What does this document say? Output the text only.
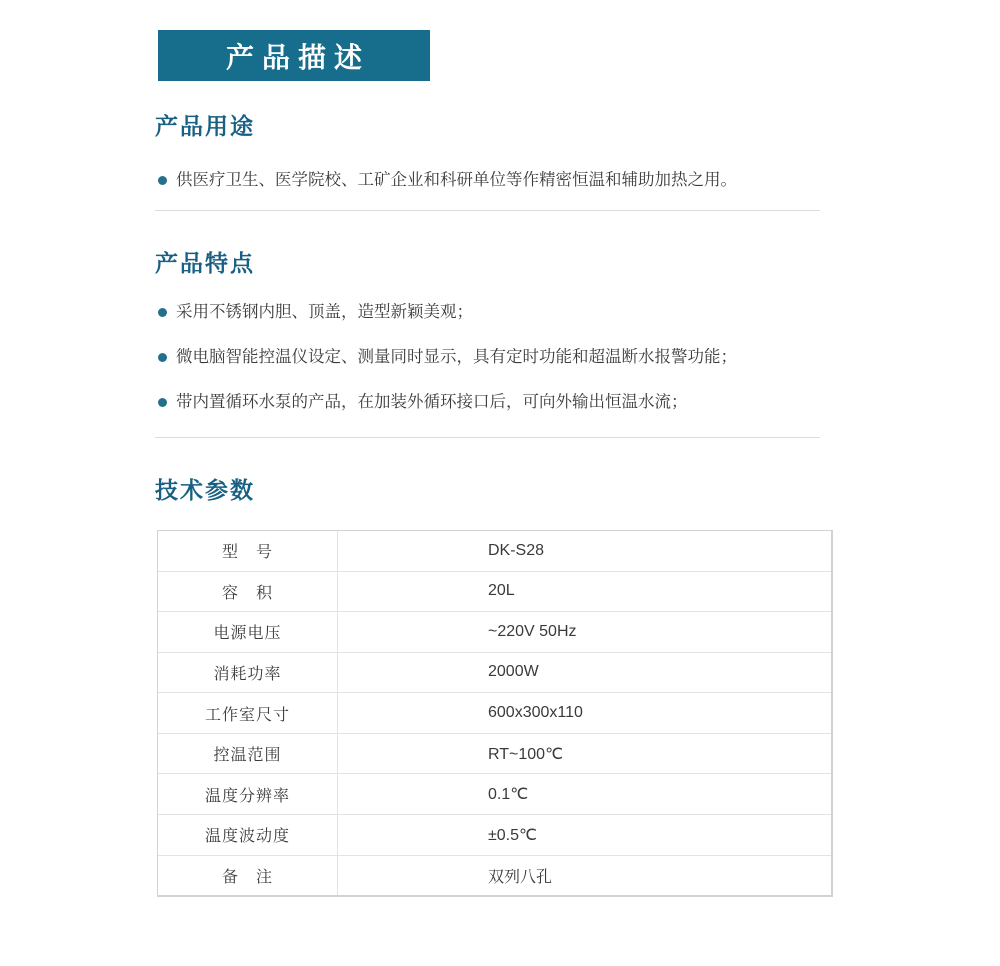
产品描述
产品用途
供医疗卫生、医学院校、工矿企业和科研单位等作精密恒温和辅助加热之用。
产品特点
采用不锈钢内胆、顶盖，造型新颖美观；
微电脑智能控温仪设定、测量同时显示，具有定时功能和超温断水报警功能；
带内置循环水泵的产品，在加装外循环接口后，可向外输出恒温水流；
技术参数
型　号	DK-S28
容　积	20L
电源电压	~220V 50Hz
消耗功率	2000W
工作室尺寸	600x300x110
控温范围	RT~100℃
温度分辨率	0.1℃
温度波动度	±0.5℃
备　注	双列八孔
